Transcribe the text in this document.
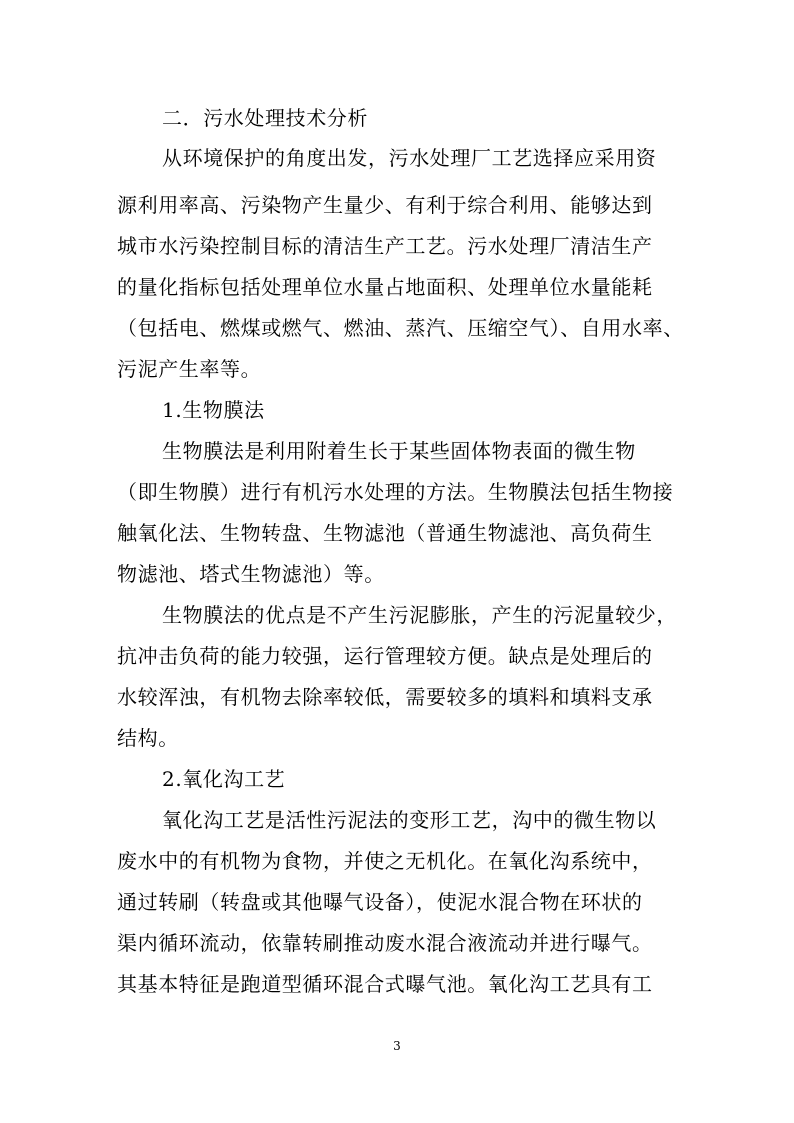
二．污水处理技术分析
从环境保护的角度出发，污水处理厂工艺选择应采用资
源利用率高、污染物产生量少、有利于综合利用、能够达到
城市水污染控制目标的清洁生产工艺。污水处理厂清洁生产
的量化指标包括处理单位水量占地面积、处理单位水量能耗
（包括电、燃煤或燃气、燃油、蒸汽、压缩空气）、自用水率、
污泥产生率等。
1.生物膜法
生物膜法是利用附着生长于某些固体物表面的微生物
（即生物膜）进行有机污水处理的方法。生物膜法包括生物接
触氧化法、生物转盘、生物滤池（普通生物滤池、高负荷生
物滤池、塔式生物滤池）等。
生物膜法的优点是不产生污泥膨胀，产生的污泥量较少，
抗冲击负荷的能力较强，运行管理较方便。缺点是处理后的
水较浑浊，有机物去除率较低，需要较多的填料和填料支承
结构。
2.氧化沟工艺
氧化沟工艺是活性污泥法的变形工艺，沟中的微生物以
废水中的有机物为食物，并使之无机化。在氧化沟系统中，
通过转刷（转盘或其他曝气设备），使泥水混合物在环状的
渠内循环流动，依靠转刷推动废水混合液流动并进行曝气。
其基本特征是跑道型循环混合式曝气池。氧化沟工艺具有工
3
